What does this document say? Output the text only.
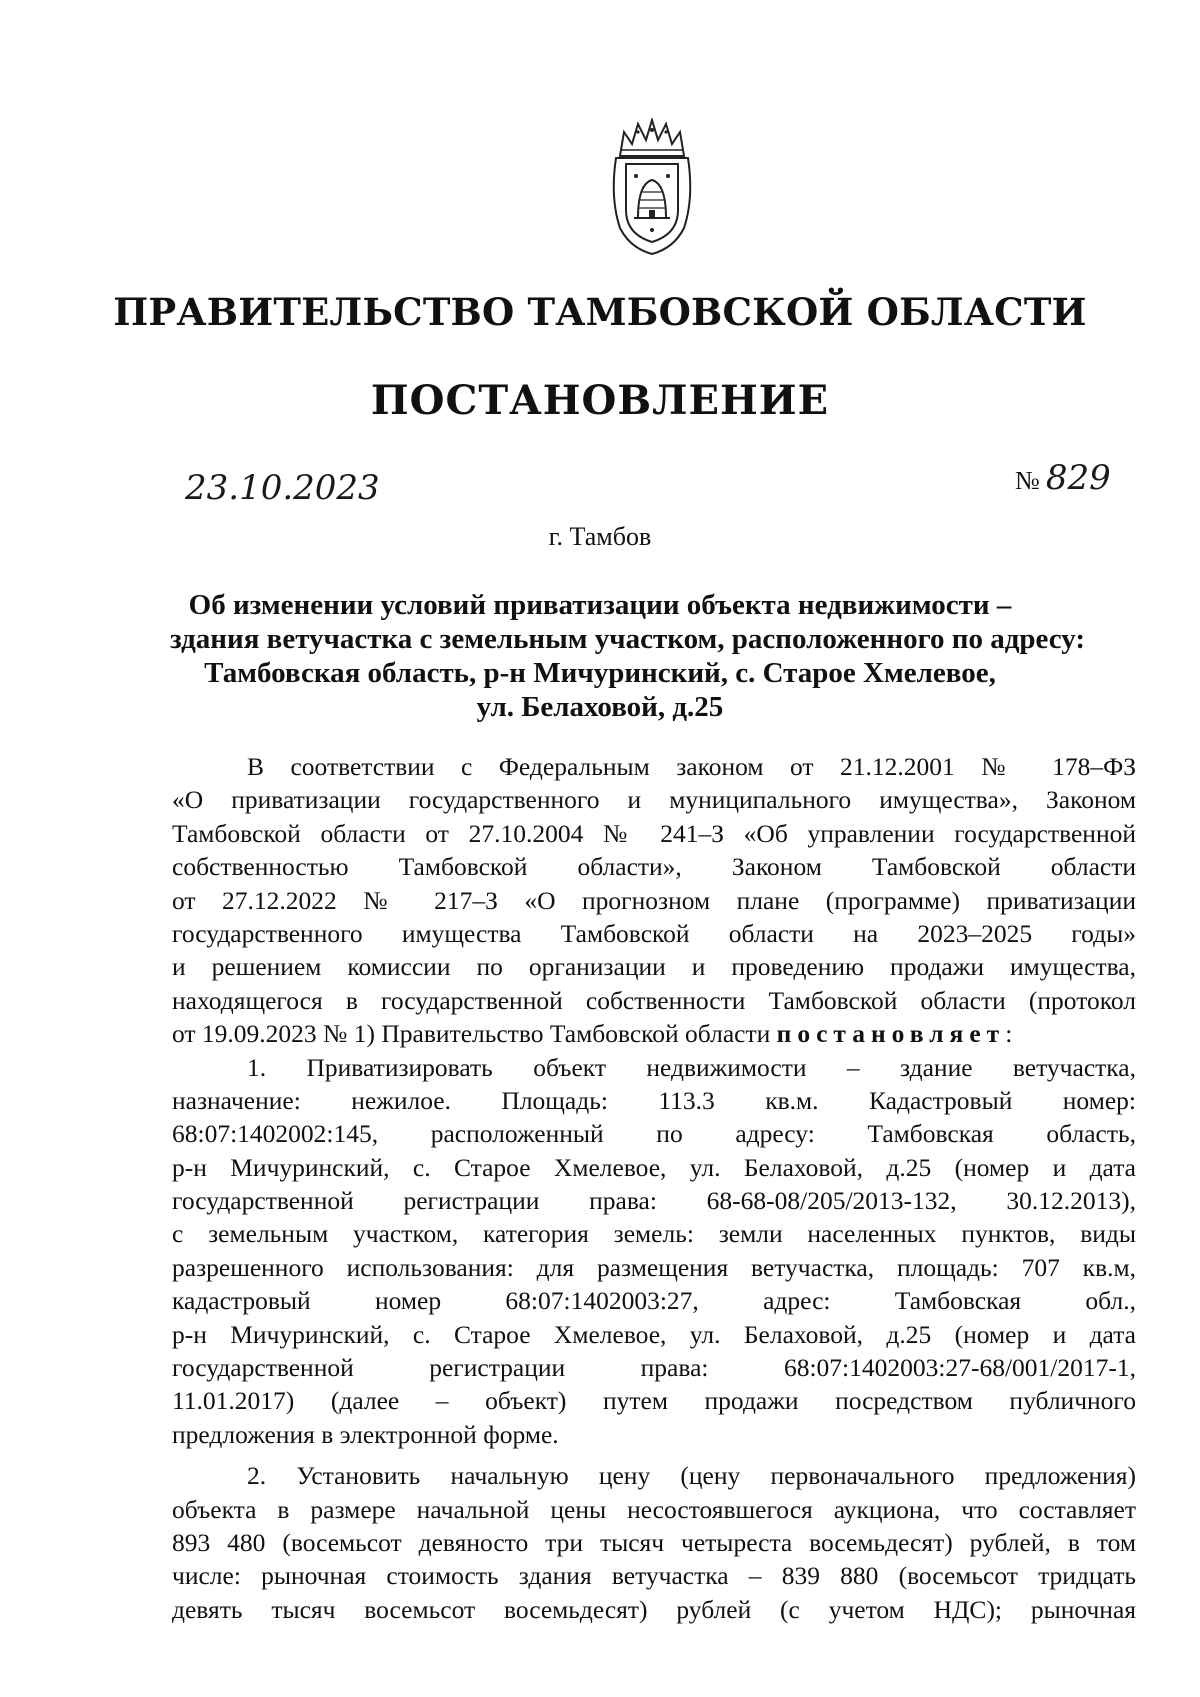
ПРАВИТЕЛЬСТВО ТАМБОВСКОЙ ОБЛАСТИ
ПОСТАНОВЛЕНИЕ
23.10.2023	№ 829
г. Тамбов
Об изменении условий приватизации объекта недвижимости –
здания ветучастка с земельным участком, расположенного по адресу:
Тамбовская область, р-н Мичуринский, с. Старое Хмелевое,
ул. Белаховой, д.25
В соответствии с Федеральным законом от 21.12.2001 № 178–ФЗ
«О приватизации государственного и муниципального имущества», Законом
Тамбовской области от 27.10.2004 № 241–З «Об управлении государственной
собственностью Тамбовской области», Законом Тамбовской области
от 27.12.2022 № 217–З «О прогнозном плане (программе) приватизации
государственного имущества Тамбовской области на 2023–2025 годы»
и решением комиссии по организации и проведению продажи имущества,
находящегося в государственной собственности Тамбовской области (протокол
от 19.09.2023 № 1) Правительство Тамбовской области постановляет:
1. Приватизировать объект недвижимости – здание ветучастка,
назначение: нежилое. Площадь: 113.3 кв.м. Кадастровый номер:
68:07:1402002:145, расположенный по адресу: Тамбовская область,
р-н Мичуринский, с. Старое Хмелевое, ул. Белаховой, д.25 (номер и дата
государственной регистрации права: 68-68-08/205/2013-132, 30.12.2013),
с земельным участком, категория земель: земли населенных пунктов, виды
разрешенного использования: для размещения ветучастка, площадь: 707 кв.м,
кадастровый номер 68:07:1402003:27, адрес: Тамбовская обл.,
р-н Мичуринский, с. Старое Хмелевое, ул. Белаховой, д.25 (номер и дата
государственной регистрации права: 68:07:1402003:27-68/001/2017-1,
11.01.2017) (далее – объект) путем продажи посредством публичного
предложения в электронной форме.
2. Установить начальную цену (цену первоначального предложения)
объекта в размере начальной цены несостоявшегося аукциона, что составляет
893 480 (восемьсот девяносто три тысяч четыреста восемьдесят) рублей, в том
числе: рыночная стоимость здания ветучастка – 839 880 (восемьсот тридцать
девять тысяч восемьсот восемьдесят) рублей (с учетом НДС); рыночная
